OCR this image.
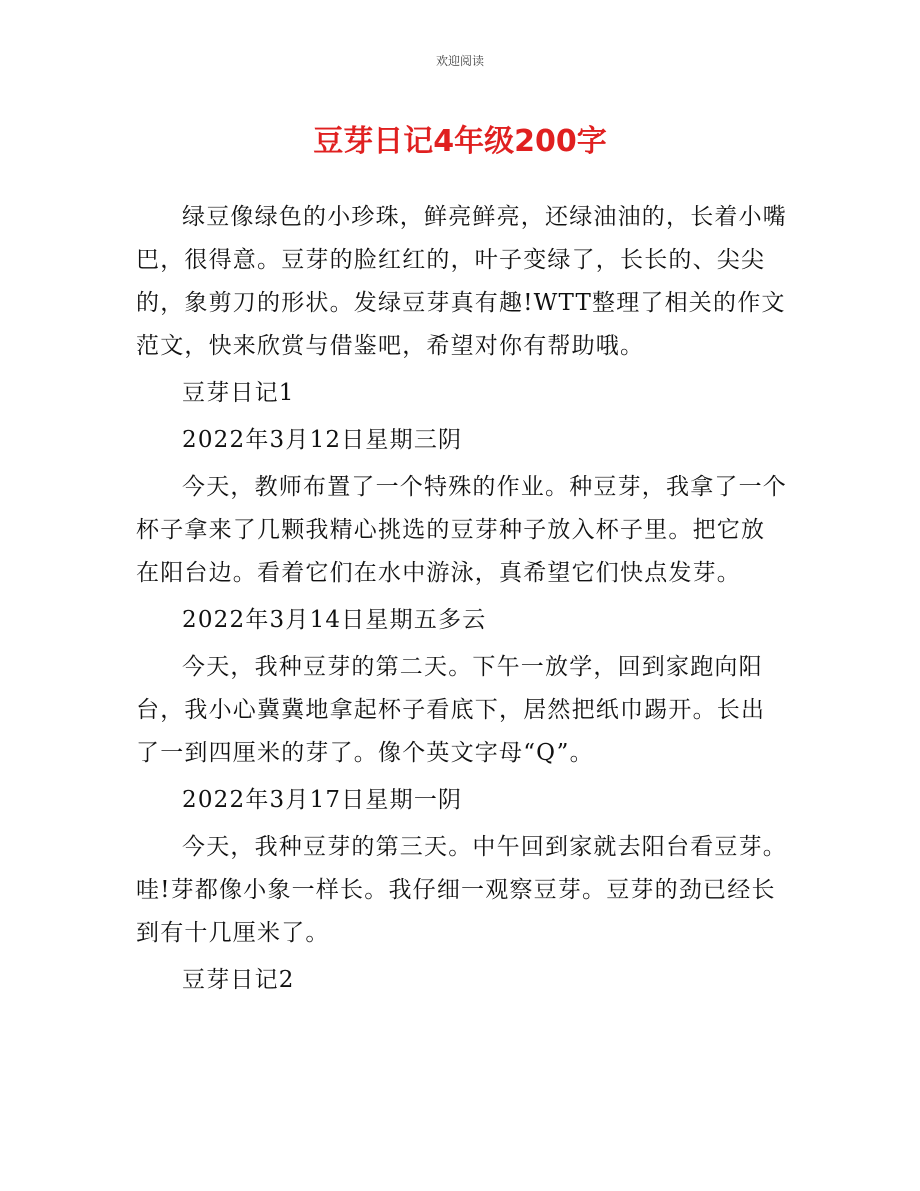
欢迎阅读
豆芽日记4年级200字

绿豆像绿色的小珍珠，鲜亮鲜亮，还绿油油的，长着小嘴巴，很得意。豆芽的脸红红的，叶子变绿了，长长的、尖尖的，象剪刀的形状。发绿豆芽真有趣!WTT整理了相关的作文范文，快来欣赏与借鉴吧，希望对你有帮助哦。

豆芽日记1

2022年3月12日星期三阴

今天，教师布置了一个特殊的作业。种豆芽，我拿了一个杯子拿来了几颗我精心挑选的豆芽种子放入杯子里。把它放在阳台边。看着它们在水中游泳，真希望它们快点发芽。

2022年3月14日星期五多云

今天，我种豆芽的第二天。下午一放学，回到家跑向阳台，我小心冀冀地拿起杯子看底下，居然把纸巾踢开。长出了一到四厘米的芽了。像个英文字母“Q”。

2022年3月17日星期一阴

今天，我种豆芽的第三天。中午回到家就去阳台看豆芽。哇!芽都像小象一样长。我仔细一观察豆芽。豆芽的劲已经长到有十几厘米了。

豆芽日记2
